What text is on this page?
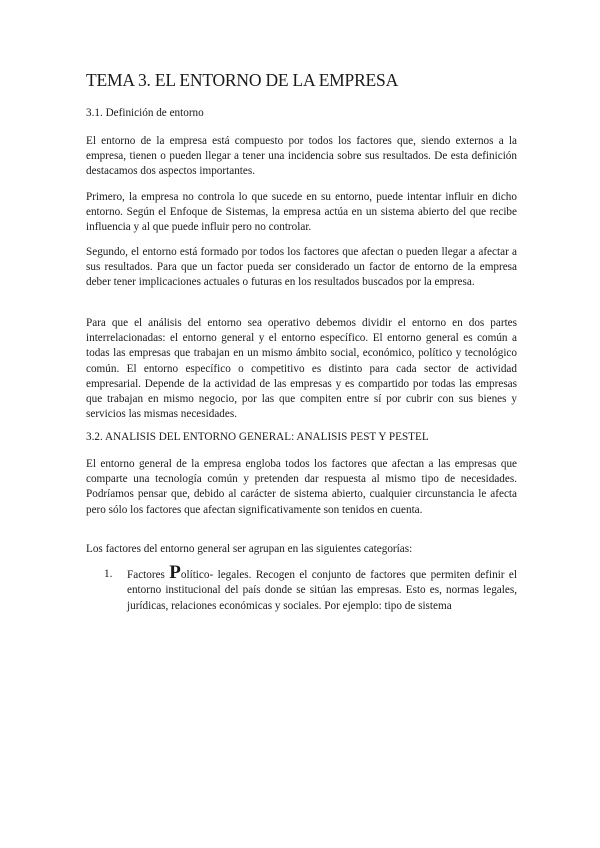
TEMA 3. EL ENTORNO DE LA EMPRESA
3.1. Definición de entorno

El entorno de la empresa está compuesto por todos los factores que, siendo externos a la empresa, tienen o pueden llegar a tener una incidencia sobre sus resultados. De esta definición destacamos dos aspectos importantes.

Primero, la empresa no controla lo que sucede en su entorno, puede intentar influir en dicho entorno. Según el Enfoque de Sistemas, la empresa actúa en un sistema abierto del que recibe influencia y al que puede influir pero no controlar.

Segundo, el entorno está formado por todos los factores que afectan o pueden llegar a afectar a sus resultados. Para que un factor pueda ser considerado un factor de entorno de la empresa deber tener implicaciones actuales o futuras en los resultados buscados por la empresa.

Para que el análisis del entorno sea operativo debemos dividir el entorno en dos partes interrelacionadas: el entorno general y el entorno específico. El entorno general es común a todas las empresas que trabajan en un mismo ámbito social, económico, político y tecnológico común. El entorno específico o competitivo es distinto para cada sector de actividad empresarial. Depende de la actividad de las empresas y es compartido por todas las empresas que trabajan en mismo negocio, por las que compiten entre sí por cubrir con sus bienes y servicios las mismas necesidades.

3.2. ANALISIS DEL ENTORNO GENERAL: ANALISIS PEST Y PESTEL

El entorno general de la empresa engloba todos los factores que afectan a las empresas que comparte una tecnología común y pretenden dar respuesta al mismo tipo de necesidades. Podríamos pensar que, debido al carácter de sistema abierto, cualquier circunstancia le afecta pero sólo los factores que afectan significativamente son tenidos en cuenta.

Los factores del entorno general ser agrupan en las siguientes categorías:

1. Factores Político- legales. Recogen el conjunto de factores que permiten definir el entorno institucional del país donde se sitúan las empresas. Esto es, normas legales, jurídicas, relaciones económicas y sociales. Por ejemplo: tipo de sistema
